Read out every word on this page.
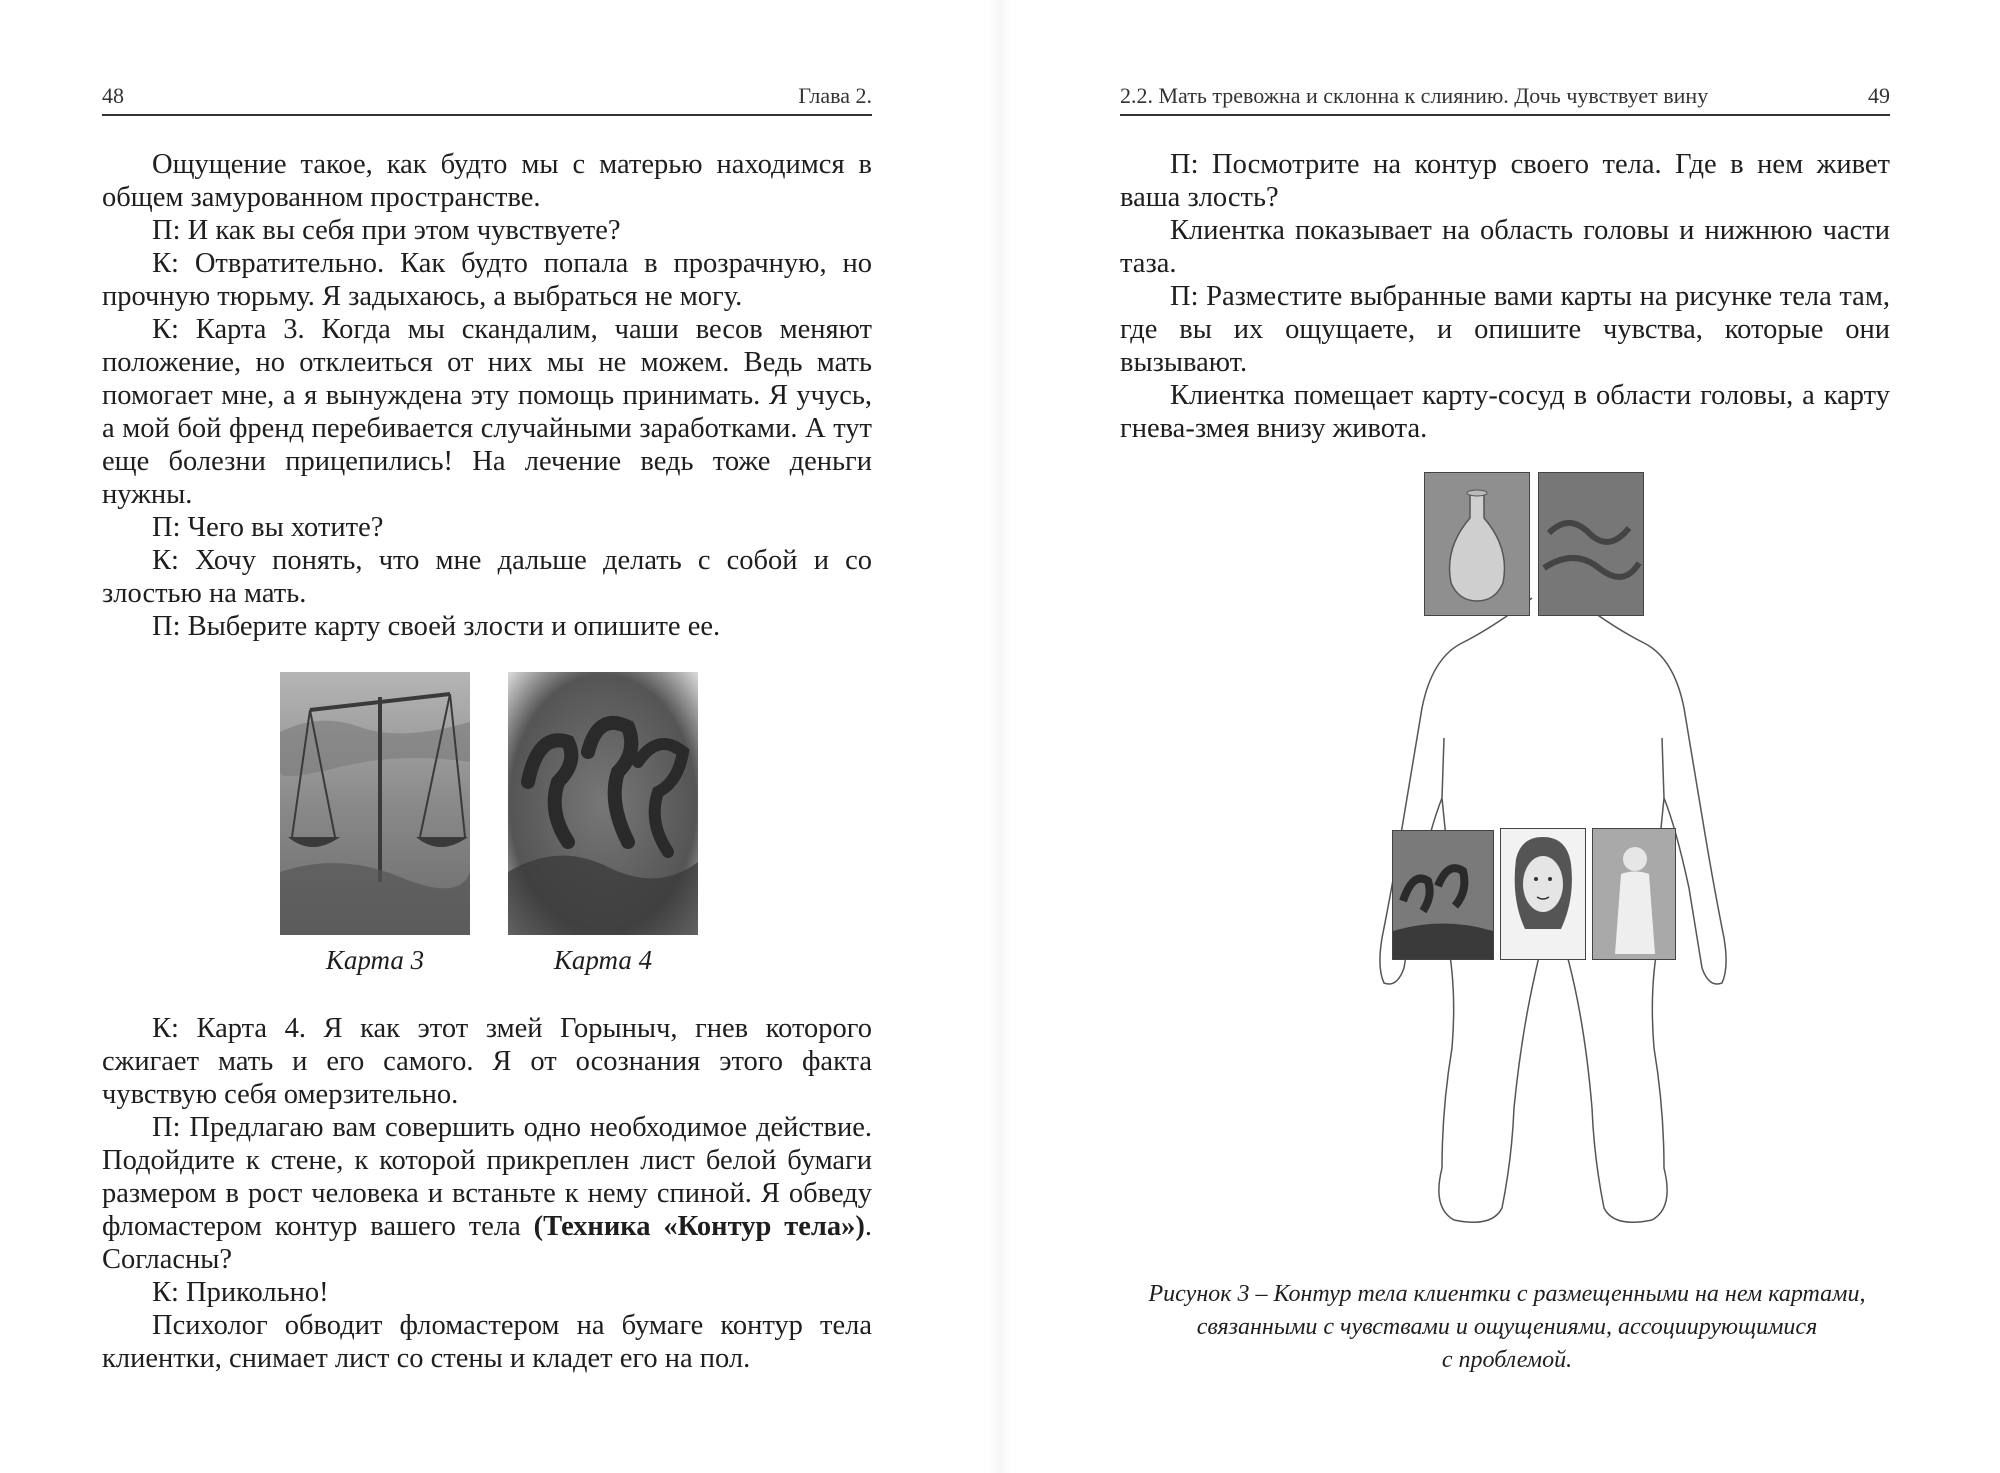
48	Глава 2.

Ощущение такое, как будто мы с матерью находимся в общем замурованном пространстве.

П: И как вы себя при этом чувствуете?

К: Отвратительно. Как будто попала в прозрачную, но прочную тюрьму. Я задыхаюсь, а выбраться не могу.

К: Карта 3. Когда мы скандалим, чаши весов меняют положение, но отклеиться от них мы не можем. Ведь мать помогает мне, а я вынуждена эту помощь принимать. Я учусь, а мой бой френд перебивается случайными заработками. А тут еще болезни прицепились! На лечение ведь тоже деньги нужны.

П: Чего вы хотите?

К: Хочу понять, что мне дальше делать с собой и со злостью на мать.

П: Выберите карту своей злости и опишите ее.

Карта 3	Карта 4

К: Карта 4. Я как этот змей Горыныч, гнев которого сжигает мать и его самого. Я от осознания этого факта чувствую себя омерзительно.

П: Предлагаю вам совершить одно необходимое действие. Подойдите к стене, к которой прикреплен лист белой бумаги размером в рост человека и встаньте к нему спиной. Я обведу фломастером контур вашего тела (Техника «Контур тела»). Согласны?

К: Прикольно!

Психолог обводит фломастером на бумаге контур тела клиентки, снимает лист со стены и кладет его на пол.

2.2. Мать тревожна и склонна к слиянию. Дочь чувствует вину	49

П: Посмотрите на контур своего тела. Где в нем живет ваша злость?

Клиентка показывает на область головы и нижнюю части таза.

П: Разместите выбранные вами карты на рисунке тела там, где вы их ощущаете, и опишите чувства, которые они вызывают.

Клиентка помещает карту-сосуд в области головы, а карту гнева-змея внизу живота.

Рисунок 3 – Контур тела клиентки с размещенными на нем картами,
связанными с чувствами и ощущениями, ассоциирующимися
с проблемой.
